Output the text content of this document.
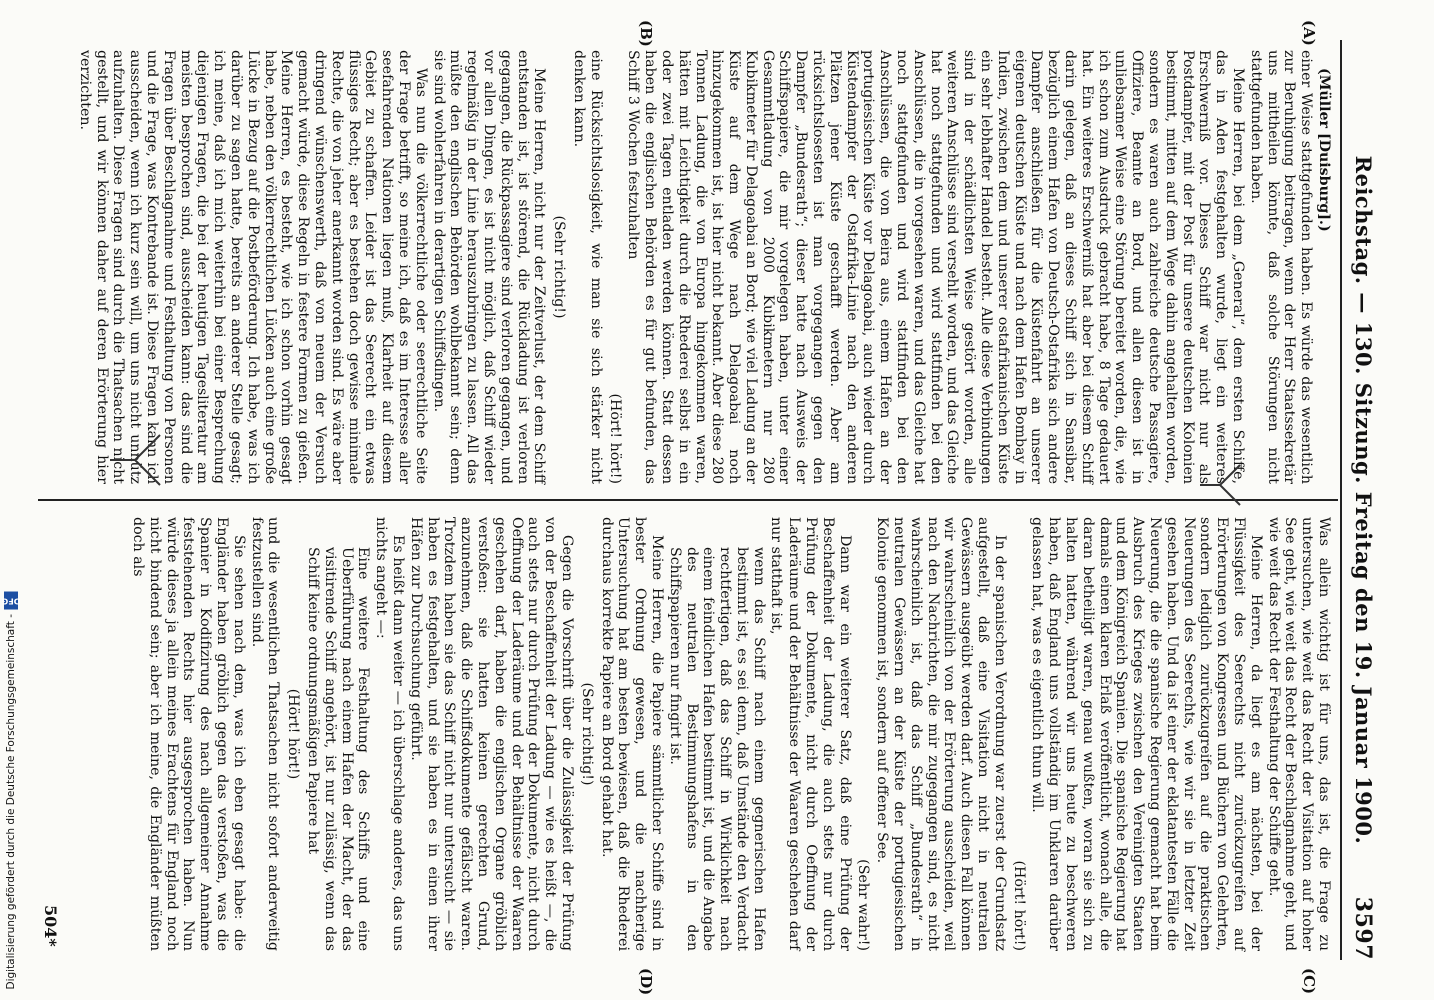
Reichstag. — 130. Sitzung. Freitag den 19. Januar 1900.
3597
(A)
(B)
(C)
(D)

(Müller [Duisburg].)

einer Weise stattgefunden haben. Es würde das wesentlich zur Beruhigung beitragen, wenn der Herr Staatssekretär uns mittheilen könnte, daß solche Störungen nicht stattgefunden haben.

Meine Herren, bei dem „General“, dem ersten Schiffe, das in Aden festgehalten wurde, liegt ein weiteres Erschwerniß vor. Dieses Schiff war nicht nur als Postdampfer, mit der Post für unsere deutschen Kolonien bestimmt, mitten auf dem Wege dahin angehalten worden, sondern es waren auch zahlreiche deutsche Passagiere, Offiziere, Beamte an Bord, und allen diesen ist in unliebsamer Weise eine Störung bereitet worden, die, wie ich schon zum Ausdruck gebracht habe, 8 Tage gedauert hat. Ein weiteres Erschwerniß hat aber bei diesem Schiff darin gelegen, daß an dieses Schiff sich in Sansibar, bezüglich einem Hafen von Deutsch-Ostafrika sich andere Dampfer anschließen für die Küstenfahrt an unserer eigenen deutschen Küste und nach dem Hafen Bombay in Indien, zwischen dem und unserer ostafrikanischen Küste ein sehr lebhafter Handel besteht. Alle diese Verbindungen sind in der schädlichsten Weise gestört worden, alle weiteren Anschlüsse sind versehlt worden, und das Gleiche hat noch stattgefunden und wird stattfinden bei den Anschlüssen, die in vorgesehen waren, und das Gleiche hat noch stattgefunden und wird stattfinden bei den Anschlüssen, die von Beira aus, einem Hafen an der portugiesischen Küste vor Delagoabai, auch wieder durch Küstendampfer der Ostafrika-Linie nach den anderen Plätzen jener Küste geschafft werden. Aber am rücksichtslosesten ist man vorgegangen gegen den Dampfer „Bundesrath“; dieser hatte nach Ausweis der Schiffspapiere, die mir vorgelegen haben, unter einer Gesammtladung von 2000 Kubikmetern nur 280 Kubikmeter für Delagoabai an Bord; wie viel Ladung an der Küste auf dem Wege nach Delagoabai noch hinzugekommen ist, ist hier nicht bekannt. Aber diese 280 Tonnen Ladung, die von Europa hingekommen waren, hätten mit Leichtigkeit durch die Rhederei selbst in ein oder zwei Tagen entladen werden können. Statt dessen haben die englischen Behörden es für gut befunden, das Schiff 3 Wochen festzuhalten

(Hört! hört!)

eine Rücksichtslosigkeit, wie man sie sich stärker nicht denken kann.

(Sehr richtig!)

Meine Herren, nicht nur der Zeitverlust, der dem Schiff entstanden ist, ist störend, die Rückladung ist verloren gegangen, die Rückpassagiere sind verloren gegangen, und vor allen Dingen, es ist nicht möglich, daß Schiff wieder regelmäßig in der Linie herauszubringen zu lassen. All das müßte den englischen Behörden wohlbekannt sein; denn sie sind wohlerfahren in derartigen Schiffsdingen.

Was nun die völkerrechtliche oder seerechtliche Seite der Frage betrifft, so meine ich, daß es im Interesse aller seefahrenden Nationen liegen muß, Klarheit auf diesem Gebiet zu schaffen. Leider ist das Seerecht ein etwas flüssiges Recht; aber es bestehen doch gewisse minimale Rechte, die von jeher anerkannt worden sind. Es wäre aber dringend wünschenswerth, daß von neuem der Versuch gemacht würde, diese Regeln in festere Formen zu gießen. Meine Herren, es besteht, wie ich schon vorhin gesagt habe, neben den völkerrechtlichen Lücken auch eine große Lücke in Bezug auf die Postbeförderung. Ich habe, was ich darüber zu sagen hatte, bereits an anderer Stelle gesagt; ich meine, daß ich mich weiterhin bei einer Besprechung diejenigen Fragen, die bei der heutigen Tagesliteratur am meisten besprochen sind, ausscheiden kann: das sind die Fragen über Beschlagnahme und Festhaltung von Personen und die Frage, was Kontrebande ist. Diese Fragen kann ich ausscheiden, wenn ich kurz sein will, um uns nicht unnütz aufzuhalten. Diese Fragen sind durch die Thatsachen nicht gestellt, und wir können daher auf deren Erörterung hier verzichten.

Was allein wichtig ist für uns, das ist, die Frage zu untersuchen, wie weit das Recht der Visitation auf hoher See geht, wie weit das Recht der Beschlagnahme geht, und wie weit das Recht der Festhaltung der Schiffe geht.

Meine Herren, da liegt es am nächsten, bei der Flüssigkeit des Seerechts nicht zurückzugreifen auf Erörterungen von Kongressen und Büchern von Gelehrten, sondern lediglich zurückzugreifen auf die praktischen Neuerungen des Seerechts, wie wir sie in letzter Zeit gesehen haben. Und da ist einer der eklatantesten Fälle die Neuerung, die die spanische Regierung gemacht hat beim Ausbruch des Krieges zwischen den Vereinigten Staaten und dem Königreich Spanien. Die spanische Regierung hat damals einen klaren Erlaß veröffentlicht, wonach alle, die daran betheiligt waren, genau wußten, woran sie sich zu halten hatten, während wir uns heute zu beschweren haben, daß England uns vollständig im Unklaren darüber gelassen hat, was es eigentlich thun will.

(Hört! hört!)

In der spanischen Verordnung war zuerst der Grundsatz aufgestellt, daß eine Visitation nicht in neutralen Gewässern ausgeübt werden darf. Auch diesen Fall können wir wahrscheinlich von der Erörterung ausscheiden, weil nach den Nachrichten, die mir zugegangen sind, es nicht wahrscheinlich ist, daß das Schiff „Bundesrath“ in neutralen Gewässern an der Küste der portugiesischen Kolonie genommen ist, sondern auf offener See.

(Sehr wahr!)

Dann war ein weiterer Satz, daß eine Prüfung der Beschaffenheit der Ladung, die auch stets nur durch Prüfung der Dokumente, nicht durch Oeffnung der Laderäume und der Behältnisse der Waaren geschehen darf

nur statthaft ist,

wenn das Schiff nach einem gegnerischen Hafen bestimmt ist, es sei denn, daß Umstände den Verdacht rechtfertigen, daß das Schiff in Wirklichkeit nach einem feindlichen Hafen bestimmt ist, und die Angabe des neutralen Bestimmungshafens in den Schiffspapieren nur fingirt ist.

Meine Herren, die Papiere sämmtlicher Schiffe sind in bester Ordnung gewesen, und die nachherige Untersuchung hat am besten bewiesen, daß die Rhederei durchaus korrekte Papiere an Bord gehabt hat.

(Sehr richtig!)

Gegen die Vorschrift über die Zulässigkeit der Prüfung von der Beschaffenheit der Ladung — wie es heißt —, die auch stets nur durch Prüfung der Dokumente, nicht durch Oeffnung der Laderäume und der Behältnisse der Waaren geschehen darf, haben die englischen Organe gröblich verstoßen: sie hatten keinen gerechten Grund, anzunehmen, daß die Schiffsdokumente gefälscht waren. Trotzdem haben sie das Schiff nicht nur untersucht — sie haben es festgehalten, und sie haben es in einen ihrer Häfen zur Durchsuchung geführt.

Es heißt dann weiter — ich überschlage anderes, das uns nichts angeht —:

Eine weitere Festhaltung des Schiffs und eine Ueberführung nach einem Hafen der Macht, der das visitirende Schiff angehört, ist nur zulässig, wenn das Schiff keine ordnungsmäßigen Papiere hat

(Hört! hört!)

und die wesentlichen Thatsachen nicht sofort anderweitig festzustellen sind.

Sie sehen nach dem, was ich eben gesagt habe: die Engländer haben gröblich gegen das verstoßen, was die Spanier in Kodifizirung des nach allgemeiner Annahme feststehenden Rechts hier ausgesprochen haben. Nun würde dieses ja allein meines Erachtens für England noch nicht bindend sein; aber ich meine, die Engländer müßten doch als

504*
Digitalisierung gefördert durch die Deutsche Forschungsgemeinschaft -
DFG
